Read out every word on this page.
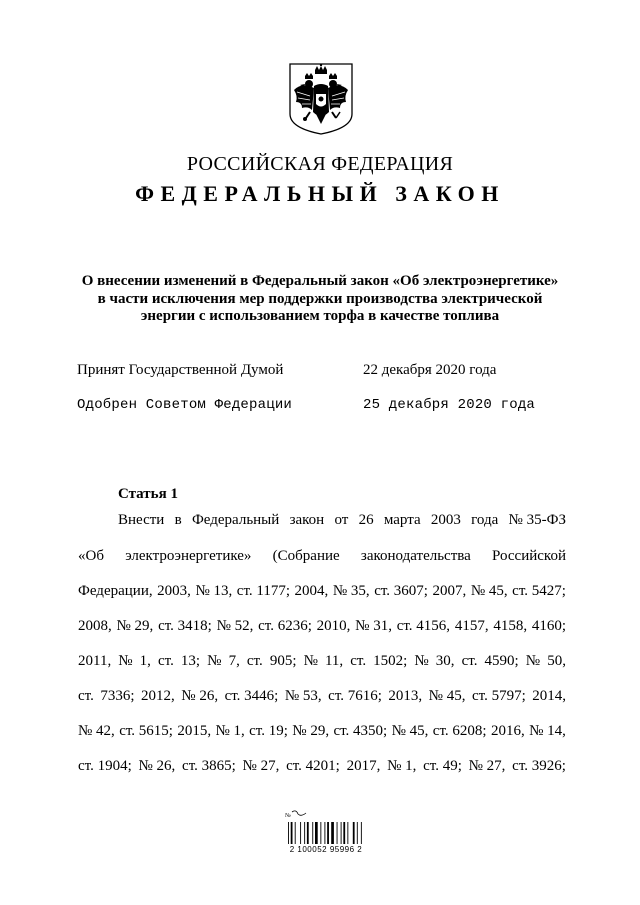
РОССИЙСКАЯ ФЕДЕРАЦИЯ
ФЕДЕРАЛЬНЫЙ ЗАКОН
О внесении изменений в Федеральный закон «Об электроэнергетике»
в части исключения мер поддержки производства электрической
энергии с использованием торфа в качестве топлива
Принят Государственной Думой	22 декабря 2020 года
Одобрен Советом Федерации	25 декабря 2020 года
Статья 1
Внести в Федеральный закон от 26 марта 2003 года № 35-ФЗ
«Об электроэнергетике» (Собрание законодательства Российской
Федерации, 2003, № 13, ст. 1177; 2004, № 35, ст. 3607; 2007, № 45, ст. 5427;
2008, № 29, ст. 3418; № 52, ст. 6236; 2010, № 31, ст. 4156, 4157, 4158, 4160;
2011, № 1, ст. 13; № 7, ст. 905; № 11, ст. 1502; № 30, ст. 4590; № 50,
ст. 7336; 2012, № 26, ст. 3446; № 53, ст. 7616; 2013, № 45, ст. 5797; 2014,
№ 42, ст. 5615; 2015, № 1, ст. 19; № 29, ст. 4350; № 45, ст. 6208; 2016, № 14,
ст. 1904; № 26, ст. 3865; № 27, ст. 4201; 2017, № 1, ст. 49; № 27, ст. 3926;
№​
2 100052 95996 2
